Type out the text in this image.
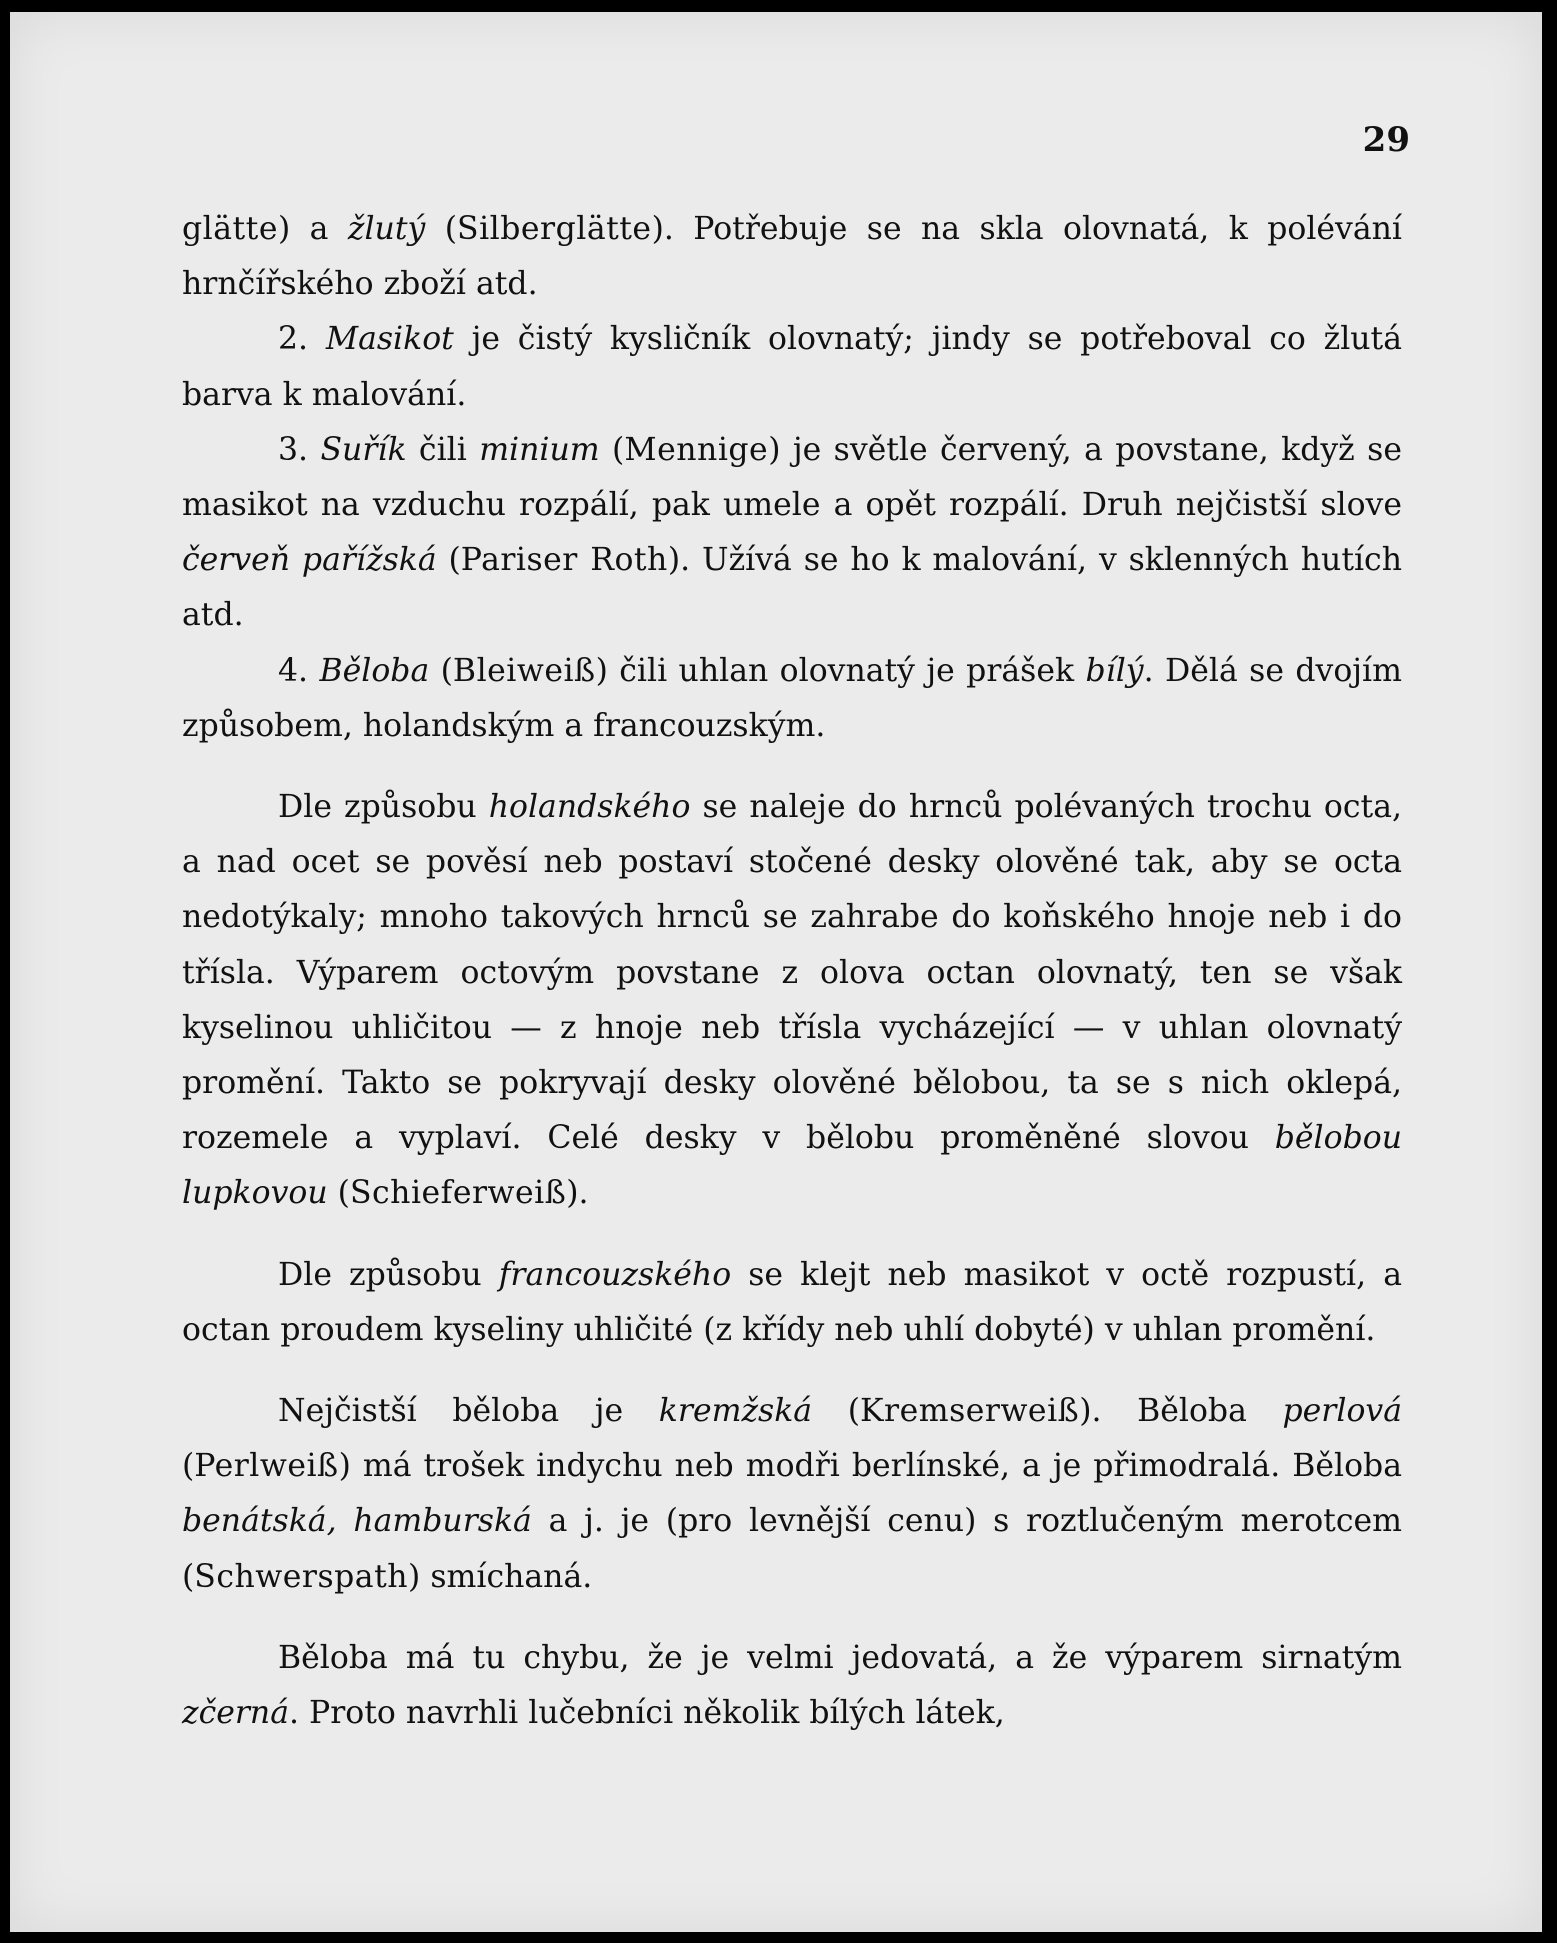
29

glätte) a žlutý (Silberglätte). Potřebuje se na skla olovnatá, k polévání hrnčířského zboží atd.

2. Masikot je čistý kysličník olovnatý; jindy se potřeboval co žlutá barva k malování.

3. Suřík čili minium (Mennige) je světle červený, a povstane, když se masikot na vzduchu rozpálí, pak umele a opět rozpálí. Druh nejčistší slove červeň pařížská (Pariser Roth). Užívá se ho k malování, v sklenných hutích atd.

4. Běloba (Bleiweiß) čili uhlan olovnatý je prášek bílý. Dělá se dvojím způsobem, holandským a francouzským.

Dle způsobu holandského se naleje do hrnců polévaných trochu octa, a nad ocet se pověsí neb postaví stočené desky olověné tak, aby se octa nedotýkaly; mnoho takových hrnců se zahrabe do koňského hnoje neb i do třísla. Výparem octovým povstane z olova octan olovnatý, ten se však kyselinou uhličitou — z hnoje neb třísla vycházející — v uhlan olovnatý promění. Takto se pokryvají desky olověné bělobou, ta se s nich oklepá, rozemele a vyplaví. Celé desky v bělobu proměněné slovou bělobou lupkovou (Schieferweiß).

Dle způsobu francouzského se klejt neb masikot v octě rozpustí, a octan proudem kyseliny uhličité (z křídy neb uhlí dobyté) v uhlan promění.

Nejčistší běloba je kremžská (Kremserweiß). Běloba perlová (Perlweiß) má trošek indychu neb modři berlínské, a je přimodralá. Běloba benátská, hamburská a j. je (pro levnější cenu) s roztlučeným merotcem (Schwerspath) smíchaná.

Běloba má tu chybu, že je velmi jedovatá, a že výparem sirnatým zčerná. Proto navrhli lučebníci několik bílých látek,
